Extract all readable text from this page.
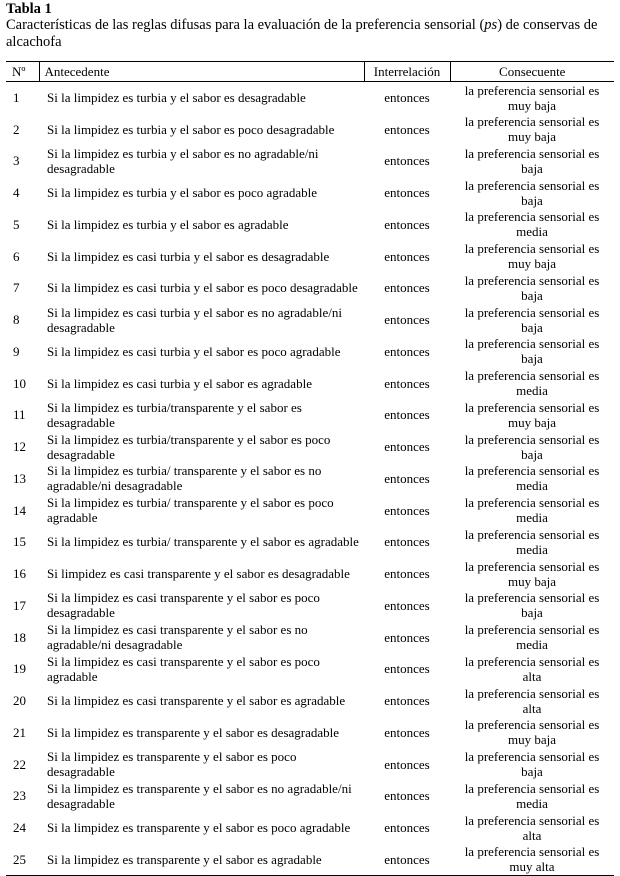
Tabla 1
Características de las reglas difusas para la evaluación de la preferencia sensorial (ps) de conservas de alcachofa
Nº	Antecedente	Interrelación	Consecuente
1	Si la limpidez es turbia y el sabor es desagradable	entonces	la preferencia sensorial es muy baja
2	Si la limpidez es turbia y el sabor es poco desagradable	entonces	la preferencia sensorial es muy baja
3	Si la limpidez es turbia y el sabor es no agradable/ni desagradable	entonces	la preferencia sensorial es baja
4	Si la limpidez es turbia y el sabor es poco agradable	entonces	la preferencia sensorial es baja
5	Si la limpidez es turbia y el sabor es agradable	entonces	la preferencia sensorial es media
6	Si la limpidez es casi turbia y el sabor es desagradable	entonces	la preferencia sensorial es muy baja
7	Si la limpidez es casi turbia y el sabor es poco desagradable	entonces	la preferencia sensorial es baja
8	Si la limpidez es casi turbia y el sabor es no agradable/ni desagradable	entonces	la preferencia sensorial es baja
9	Si la limpidez es casi turbia y el sabor es poco agradable	entonces	la preferencia sensorial es baja
10	Si la limpidez es casi turbia y el sabor es agradable	entonces	la preferencia sensorial es media
11	Si la limpidez es turbia/transparente y el sabor es desagradable	entonces	la preferencia sensorial es muy baja
12	Si la limpidez es turbia/transparente y el sabor es poco desagradable	entonces	la preferencia sensorial es baja
13	Si la limpidez es turbia/ transparente y el sabor es no agradable/ni desagradable	entonces	la preferencia sensorial es media
14	Si la limpidez es turbia/ transparente y el sabor es poco agradable	entonces	la preferencia sensorial es media
15	Si la limpidez es turbia/ transparente y el sabor es agradable	entonces	la preferencia sensorial es media
16	Si limpidez es casi transparente y el sabor es desagradable	entonces	la preferencia sensorial es muy baja
17	Si la limpidez es casi transparente y el sabor es poco desagradable	entonces	la preferencia sensorial es baja
18	Si la limpidez es casi transparente y el sabor es no agradable/ni desagradable	entonces	la preferencia sensorial es media
19	Si la limpidez es casi transparente y el sabor es poco agradable	entonces	la preferencia sensorial es alta
20	Si la limpidez es casi transparente y el sabor es agradable	entonces	la preferencia sensorial es alta
21	Si la limpidez es transparente y el sabor es desagradable	entonces	la preferencia sensorial es muy baja
22	Si la limpidez es transparente y el sabor es poco desagradable	entonces	la preferencia sensorial es baja
23	Si la limpidez es transparente y el sabor es no agradable/ni desagradable	entonces	la preferencia sensorial es media
24	Si la limpidez es transparente y el sabor es poco agradable	entonces	la preferencia sensorial es alta
25	Si la limpidez es transparente y el sabor es agradable	entonces	la preferencia sensorial es muy alta
